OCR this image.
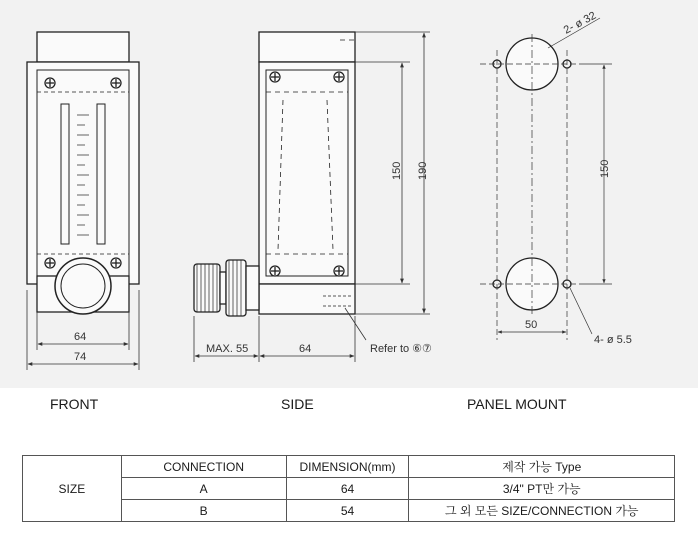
64
74
150 190
MAX. 55	64	Refer to ⑥⑦
2- ø 32
150
50
4- ø 5.5
FRONT	SIDE	PANEL MOUNT
SIZE	CONNECTION	DIMENSION(mm)	제작 가능 Type
	A	64	3/4" PT만 가능
	B	54	그 외 모든 SIZE/CONNECTION 가능
